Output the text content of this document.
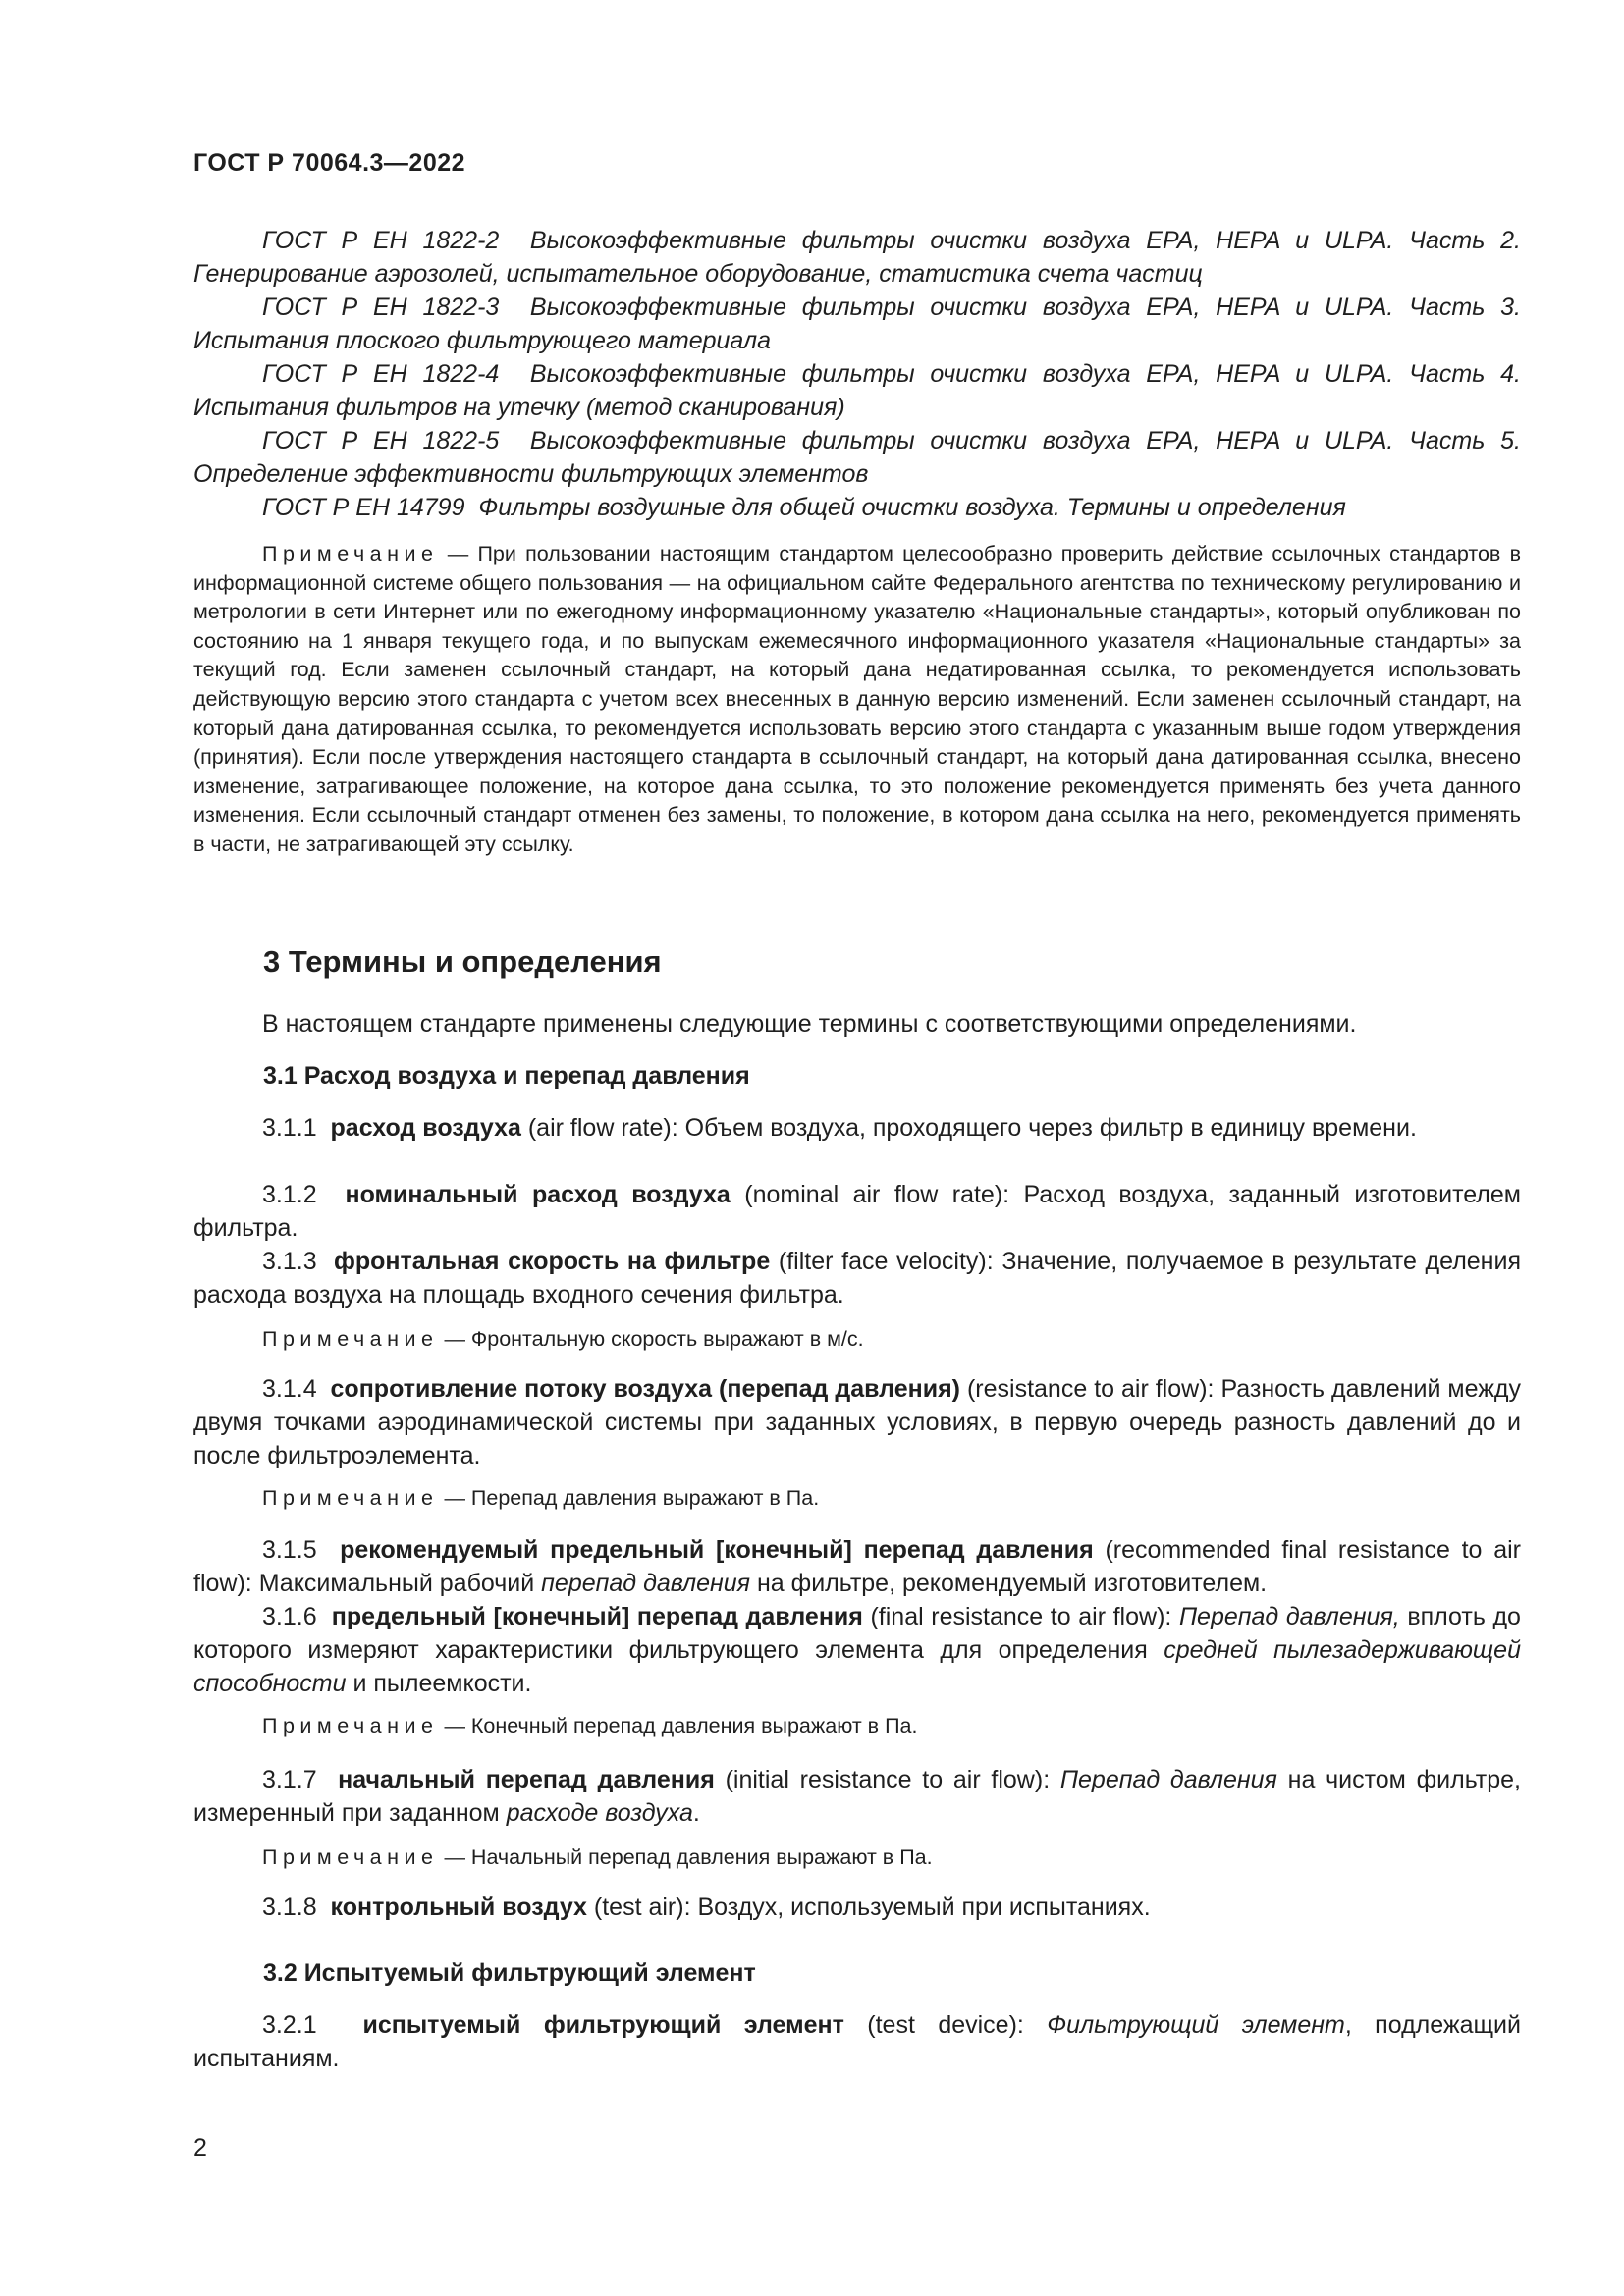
ГОСТ Р 70064.3—2022
ГОСТ Р ЕН 1822-2 Высокоэффективные фильтры очистки воздуха EPA, HEPA и ULPA. Часть 2. Генерирование аэрозолей, испытательное оборудование, статистика счета частиц
ГОСТ Р ЕН 1822-3 Высокоэффективные фильтры очистки воздуха EPA, HEPA и ULPA. Часть 3. Испытания плоского фильтрующего материала
ГОСТ Р ЕН 1822-4 Высокоэффективные фильтры очистки воздуха EPA, HEPA и ULPA. Часть 4. Испытания фильтров на утечку (метод сканирования)
ГОСТ Р ЕН 1822-5 Высокоэффективные фильтры очистки воздуха EPA, HEPA и ULPA. Часть 5. Определение эффективности фильтрующих элементов
ГОСТ Р ЕН 14799 Фильтры воздушные для общей очистки воздуха. Термины и определения
Примечание — При пользовании настоящим стандартом целесообразно проверить действие ссылочных стандартов в информационной системе общего пользования — на официальном сайте Федерального агентства по техническому регулированию и метрологии в сети Интернет или по ежегодному информационному указателю «Национальные стандарты», который опубликован по состоянию на 1 января текущего года, и по выпускам ежемесячного информационного указателя «Национальные стандарты» за текущий год. Если заменен ссылочный стандарт, на который дана недатированная ссылка, то рекомендуется использовать действующую версию этого стандарта с учетом всех внесенных в данную версию изменений. Если заменен ссылочный стандарт, на который дана датированная ссылка, то рекомендуется использовать версию этого стандарта с указанным выше годом утверждения (принятия). Если после утверждения настоящего стандарта в ссылочный стандарт, на который дана датированная ссылка, внесено изменение, затрагивающее положение, на которое дана ссылка, то это положение рекомендуется применять без учета данного изменения. Если ссылочный стандарт отменен без замены, то положение, в котором дана ссылка на него, рекомендуется применять в части, не затрагивающей эту ссылку.
3 Термины и определения
В настоящем стандарте применены следующие термины с соответствующими определениями.
3.1 Расход воздуха и перепад давления
3.1.1 расход воздуха (air flow rate): Объем воздуха, проходящего через фильтр в единицу времени.
3.1.2 номинальный расход воздуха (nominal air flow rate): Расход воздуха, заданный изготовителем фильтра.
3.1.3 фронтальная скорость на фильтре (filter face velocity): Значение, получаемое в результате деления расхода воздуха на площадь входного сечения фильтра.
Примечание — Фронтальную скорость выражают в м/с.
3.1.4 сопротивление потоку воздуха (перепад давления) (resistance to air flow): Разность давлений между двумя точками аэродинамической системы при заданных условиях, в первую очередь разность давлений до и после фильтроэлемента.
Примечание — Перепад давления выражают в Па.
3.1.5 рекомендуемый предельный [конечный] перепад давления (recommended final resistance to air flow): Максимальный рабочий перепад давления на фильтре, рекомендуемый изготовителем.
3.1.6 предельный [конечный] перепад давления (final resistance to air flow): Перепад давления, вплоть до которого измеряют характеристики фильтрующего элемента для определения средней пылезадерживающей способности и пылеемкости.
Примечание — Конечный перепад давления выражают в Па.
3.1.7 начальный перепад давления (initial resistance to air flow): Перепад давления на чистом фильтре, измеренный при заданном расходе воздуха.
Примечание — Начальный перепад давления выражают в Па.
3.1.8 контрольный воздух (test air): Воздух, используемый при испытаниях.
3.2 Испытуемый фильтрующий элемент
3.2.1 испытуемый фильтрующий элемент (test device): Фильтрующий элемент, подлежащий испытаниям.
2
